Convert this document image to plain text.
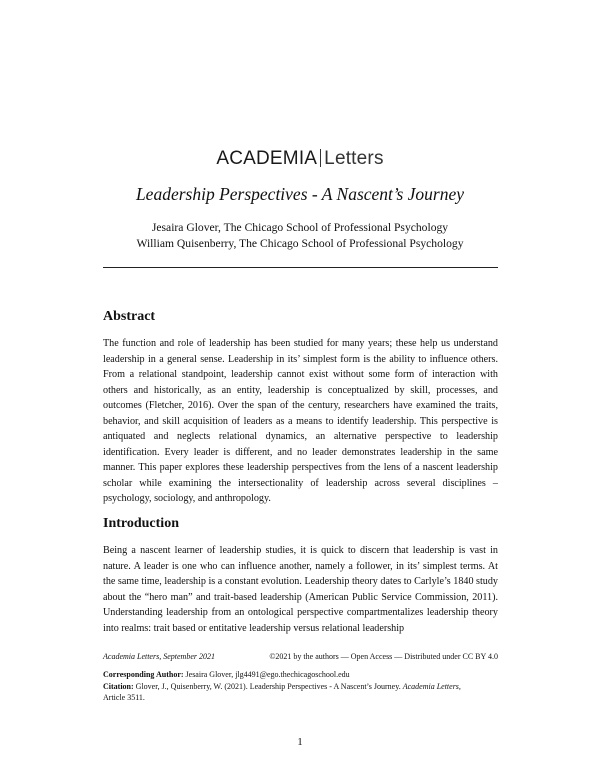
ACADEMIA Letters
Leadership Perspectives - A Nascent’s Journey
Jesaira Glover, The Chicago School of Professional Psychology
William Quisenberry, The Chicago School of Professional Psychology
Abstract

The function and role of leadership has been studied for many years; these help us understand leadership in a general sense. Leadership in its’ simplest form is the ability to influence others. From a relational standpoint, leadership cannot exist without some form of interaction with others and historically, as an entity, leadership is conceptualized by skill, processes, and outcomes (Fletcher, 2016). Over the span of the century, researchers have examined the traits, behavior, and skill acquisition of leaders as a means to identify leadership. This perspective is antiquated and neglects relational dynamics, an alternative perspective to leadership identification. Every leader is different, and no leader demonstrates leadership in the same manner. This paper explores these leadership perspectives from the lens of a nascent leadership scholar while examining the intersectionality of leadership across several disciplines – psychology, sociology, and anthropology.

Introduction

Being a nascent learner of leadership studies, it is quick to discern that leadership is vast in nature. A leader is one who can influence another, namely a follower, in its’ simplest terms. At the same time, leadership is a constant evolution. Leadership theory dates to Carlyle’s 1840 study about the “hero man” and trait-based leadership (American Public Service Commission, 2011). Understanding leadership from an ontological perspective compartmentalizes leadership theory into realms: trait based or entitative leadership versus relational leadership

Academia Letters, September 2021	©2021 by the authors — Open Access — Distributed under CC BY 4.0
Corresponding Author: Jesaira Glover, jlg4491@ego.thechicagoschool.edu
Citation: Glover, J., Quisenberry, W. (2021). Leadership Perspectives - A Nascent’s Journey. Academia Letters,
Article 3511.
1
